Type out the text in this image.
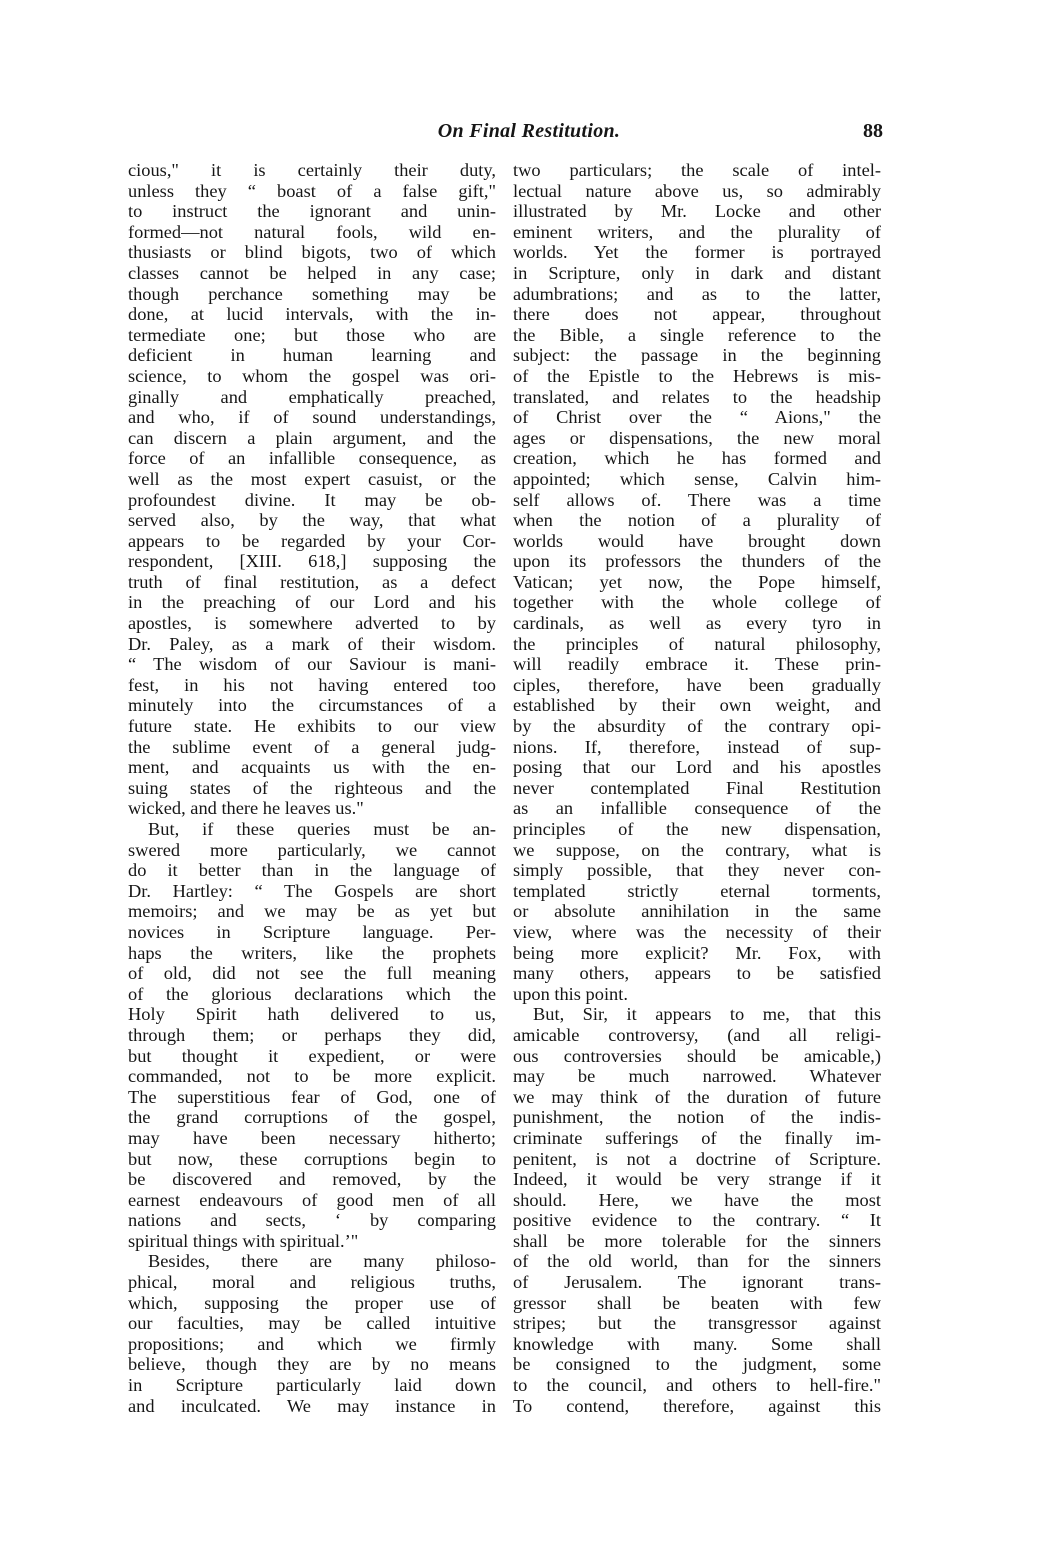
On Final Restitution.	88
cious," it is certainly their duty,
unless they “ boast of a false gift,"
to instruct the ignorant and unin-
formed—not natural fools, wild en-
thusiasts or blind bigots, two of which
classes cannot be helped in any case;
though perchance something may be
done, at lucid intervals, with the in-
termediate one; but those who are
deficient in human learning and
science, to whom the gospel was ori-
ginally and emphatically preached,
and who, if of sound understandings,
can discern a plain argument, and the
force of an infallible consequence, as
well as the most expert casuist, or the
profoundest divine. It may be ob-
served also, by the way, that what
appears to be regarded by your Cor-
respondent, [XIII. 618,] supposing the
truth of final restitution, as a defect
in the preaching of our Lord and his
apostles, is somewhere adverted to by
Dr. Paley, as a mark of their wisdom.
“ The wisdom of our Saviour is mani-
fest, in his not having entered too
minutely into the circumstances of a
future state. He exhibits to our view
the sublime event of a general judg-
ment, and acquaints us with the en-
suing states of the righteous and the
wicked, and there he leaves us."
But, if these queries must be an-
swered more particularly, we cannot
do it better than in the language of
Dr. Hartley: “ The Gospels are short
memoirs; and we may be as yet but
novices in Scripture language. Per-
haps the writers, like the prophets
of old, did not see the full meaning
of the glorious declarations which the
Holy Spirit hath delivered to us,
through them; or perhaps they did,
but thought it expedient, or were
commanded, not to be more explicit.
The superstitious fear of God, one of
the grand corruptions of the gospel,
may have been necessary hitherto;
but now, these corruptions begin to
be discovered and removed, by the
earnest endeavours of good men of all
nations and sects, ‘ by comparing
spiritual things with spiritual.’"
Besides, there are many philoso-
phical, moral and religious truths,
which, supposing the proper use of
our faculties, may be called intuitive
propositions; and which we firmly
believe, though they are by no means
in Scripture particularly laid down
and inculcated. We may instance in
two particulars; the scale of intel-
lectual nature above us, so admirably
illustrated by Mr. Locke and other
eminent writers, and the plurality of
worlds. Yet the former is portrayed
in Scripture, only in dark and distant
adumbrations; and as to the latter,
there does not appear, throughout
the Bible, a single reference to the
subject: the passage in the beginning
of the Epistle to the Hebrews is mis-
translated, and relates to the headship
of Christ over the “ Aions," the
ages or dispensations, the new moral
creation, which he has formed and
appointed; which sense, Calvin him-
self allows of. There was a time
when the notion of a plurality of
worlds would have brought down
upon its professors the thunders of the
Vatican; yet now, the Pope himself,
together with the whole college of
cardinals, as well as every tyro in
the principles of natural philosophy,
will readily embrace it. These prin-
ciples, therefore, have been gradually
established by their own weight, and
by the absurdity of the contrary opi-
nions. If, therefore, instead of sup-
posing that our Lord and his apostles
never contemplated Final Restitution
as an infallible consequence of the
principles of the new dispensation,
we suppose, on the contrary, what is
simply possible, that they never con-
templated strictly eternal torments,
or absolute annihilation in the same
view, where was the necessity of their
being more explicit? Mr. Fox, with
many others, appears to be satisfied
upon this point.
But, Sir, it appears to me, that this
amicable controversy, (and all religi-
ous controversies should be amicable,)
may be much narrowed. Whatever
we may think of the duration of future
punishment, the notion of the indis-
criminate sufferings of the finally im-
penitent, is not a doctrine of Scripture.
Indeed, it would be very strange if it
should. Here, we have the most
positive evidence to the contrary. “ It
shall be more tolerable for the sinners
of the old world, than for the sinners
of Jerusalem. The ignorant trans-
gressor shall be beaten with few
stripes; but the transgressor against
knowledge with many. Some shall
be consigned to the judgment, some
to the council, and others to hell-fire."
To contend, therefore, against this
